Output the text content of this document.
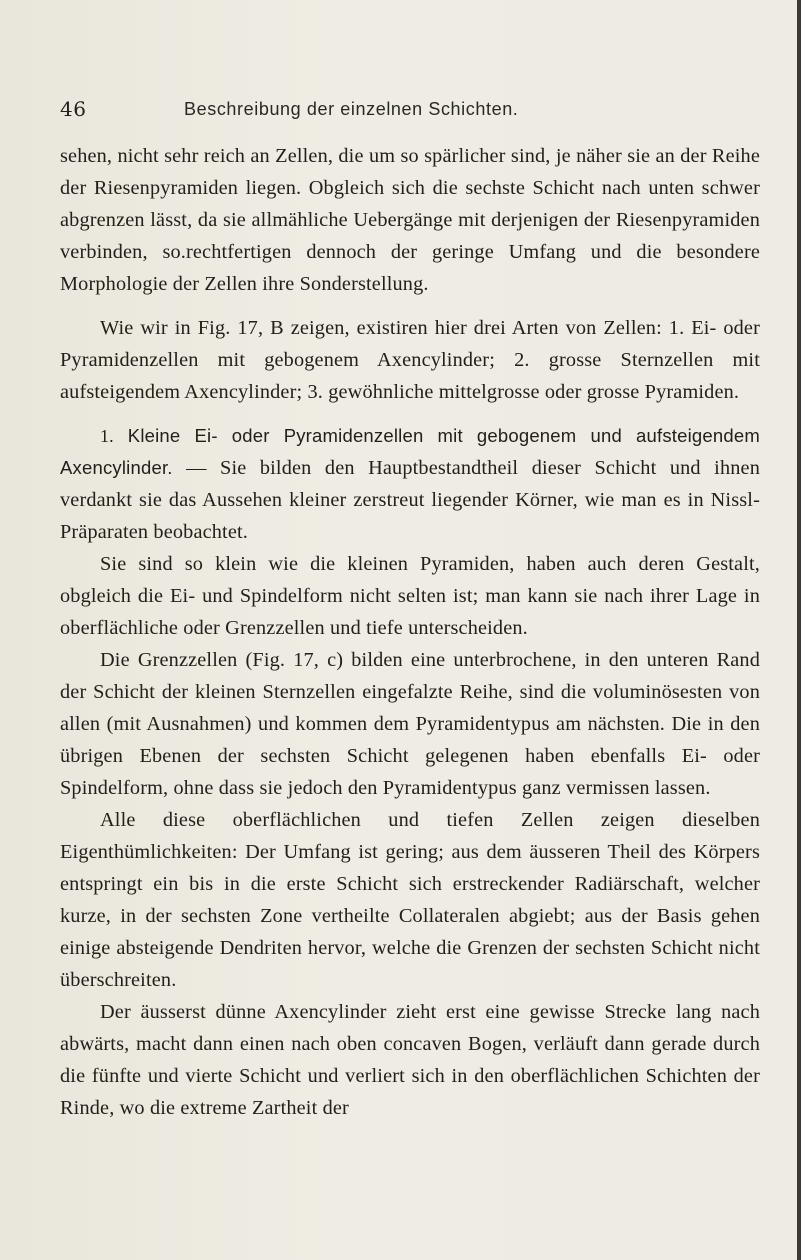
46	Beschreibung der einzelnen Schichten.

sehen, nicht sehr reich an Zellen, die um so spärlicher sind, je näher sie an der Reihe der Riesenpyramiden liegen. Obgleich sich die sechste Schicht nach unten schwer abgrenzen lässt, da sie allmähliche Uebergänge mit derjenigen der Riesenpyramiden verbinden, so.rechtfertigen dennoch der geringe Umfang und die besondere Morphologie der Zellen ihre Sonderstellung.

Wie wir in Fig. 17, B zeigen, existiren hier drei Arten von Zellen: 1. Ei- oder Pyramidenzellen mit gebogenem Axencylinder; 2. grosse Sternzellen mit aufsteigendem Axencylinder; 3. gewöhnliche mittelgrosse oder grosse Pyramiden.

1. Kleine Ei- oder Pyramidenzellen mit gebogenem und aufsteigendem Axencylinder. — Sie bilden den Hauptbestandtheil dieser Schicht und ihnen verdankt sie das Aussehen kleiner zerstreut liegender Körner, wie man es in Nissl-Präparaten beobachtet.

Sie sind so klein wie die kleinen Pyramiden, haben auch deren Gestalt, obgleich die Ei- und Spindelform nicht selten ist; man kann sie nach ihrer Lage in oberflächliche oder Grenzzellen und tiefe unterscheiden.

Die Grenzzellen (Fig. 17, c) bilden eine unterbrochene, in den unteren Rand der Schicht der kleinen Sternzellen eingefalzte Reihe, sind die voluminösesten von allen (mit Ausnahmen) und kommen dem Pyramidentypus am nächsten. Die in den übrigen Ebenen der sechsten Schicht gelegenen haben ebenfalls Ei- oder Spindelform, ohne dass sie jedoch den Pyramidentypus ganz vermissen lassen.

Alle diese oberflächlichen und tiefen Zellen zeigen dieselben Eigenthümlichkeiten: Der Umfang ist gering; aus dem äusseren Theil des Körpers entspringt ein bis in die erste Schicht sich erstreckender Radiärschaft, welcher kurze, in der sechsten Zone vertheilte Collateralen abgiebt; aus der Basis gehen einige absteigende Dendriten hervor, welche die Grenzen der sechsten Schicht nicht überschreiten.

Der äusserst dünne Axencylinder zieht erst eine gewisse Strecke lang nach abwärts, macht dann einen nach oben concaven Bogen, verläuft dann gerade durch die fünfte und vierte Schicht und verliert sich in den oberflächlichen Schichten der Rinde, wo die extreme Zartheit der
